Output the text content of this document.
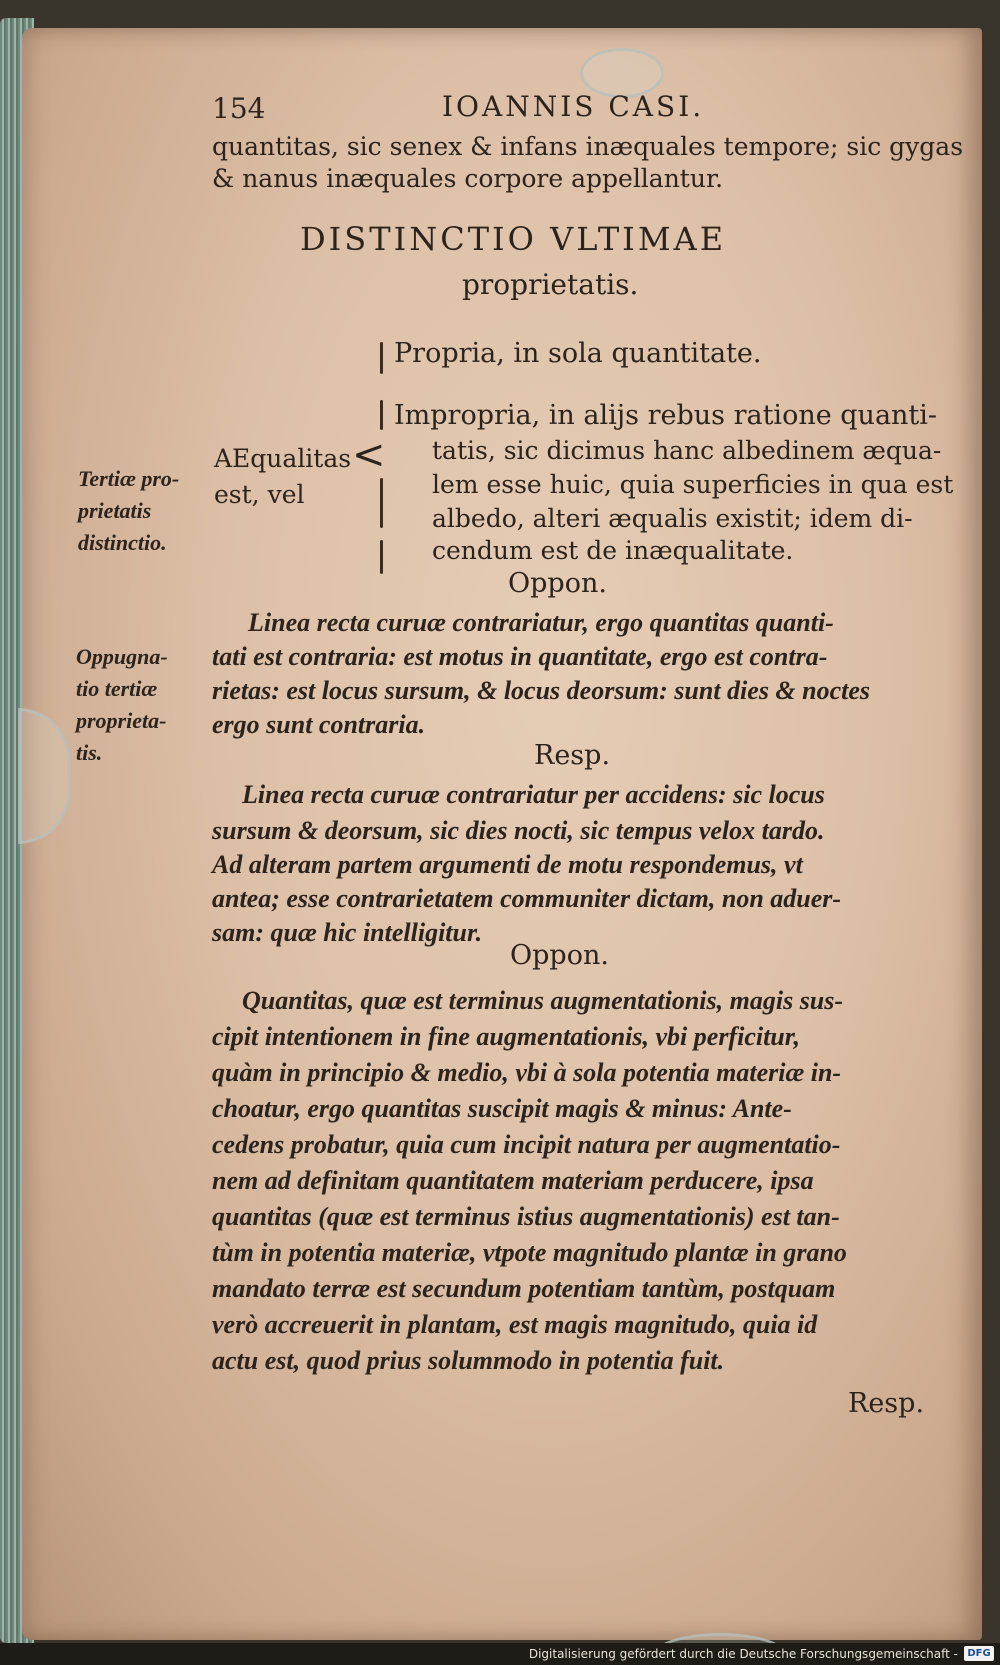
154	IOANNIS CASI.
quantitas, sic senex & infans inæquales tempore; sic gygas
& nanus inæquales corpore appellantur.
DISTINCTIO VLTIMAE
proprietatis.
AEqualitas
est, vel
<
Propria, in sola quantitate.
Impropria, in alijs rebus ratione quanti-
tatis, sic dicimus hanc albedinem æqua-
lem esse huic, quia superficies in qua est
albedo, alteri æqualis existit; idem di-
cendum est de inæqualitate.
Tertiæ pro-
prietatis
distinctio.
Oppon.
Linea recta curuæ contrariatur, ergo quantitas quanti-
tati est contraria: est motus in quantitate, ergo est contra-
rietas: est locus sursum, & locus deorsum: sunt dies & noctes
ergo sunt contraria.
Oppugna-
tio tertiæ
proprieta-
tis.	Resp.
Linea recta curuæ contrariatur per accidens: sic locus
sursum & deorsum, sic dies nocti, sic tempus velox tardo.
Ad alteram partem argumenti de motu respondemus, vt
antea; esse contrarietatem communiter dictam, non aduer-
sam: quæ hic intelligitur.
Oppon.
Quantitas, quæ est terminus augmentationis, magis sus-
cipit intentionem in fine augmentationis, vbi perficitur,
quàm in principio & medio, vbi à sola potentia materiæ in-
choatur, ergo quantitas suscipit magis & minus: Ante-
cedens probatur, quia cum incipit natura per augmentatio-
nem ad definitam quantitatem materiam perducere, ipsa
quantitas (quæ est terminus istius augmentationis) est tan-
tùm in potentia materiæ, vtpote magnitudo plantæ in grano
mandato terræ est secundum potentiam tantùm, postquam
verò accreuerit in plantam, est magis magnitudo, quia id
actu est, quod prius solummodo in potentia fuit.
Resp.
Digitalisierung gefördert durch die Deutsche Forschungsgemeinschaft - DFG
